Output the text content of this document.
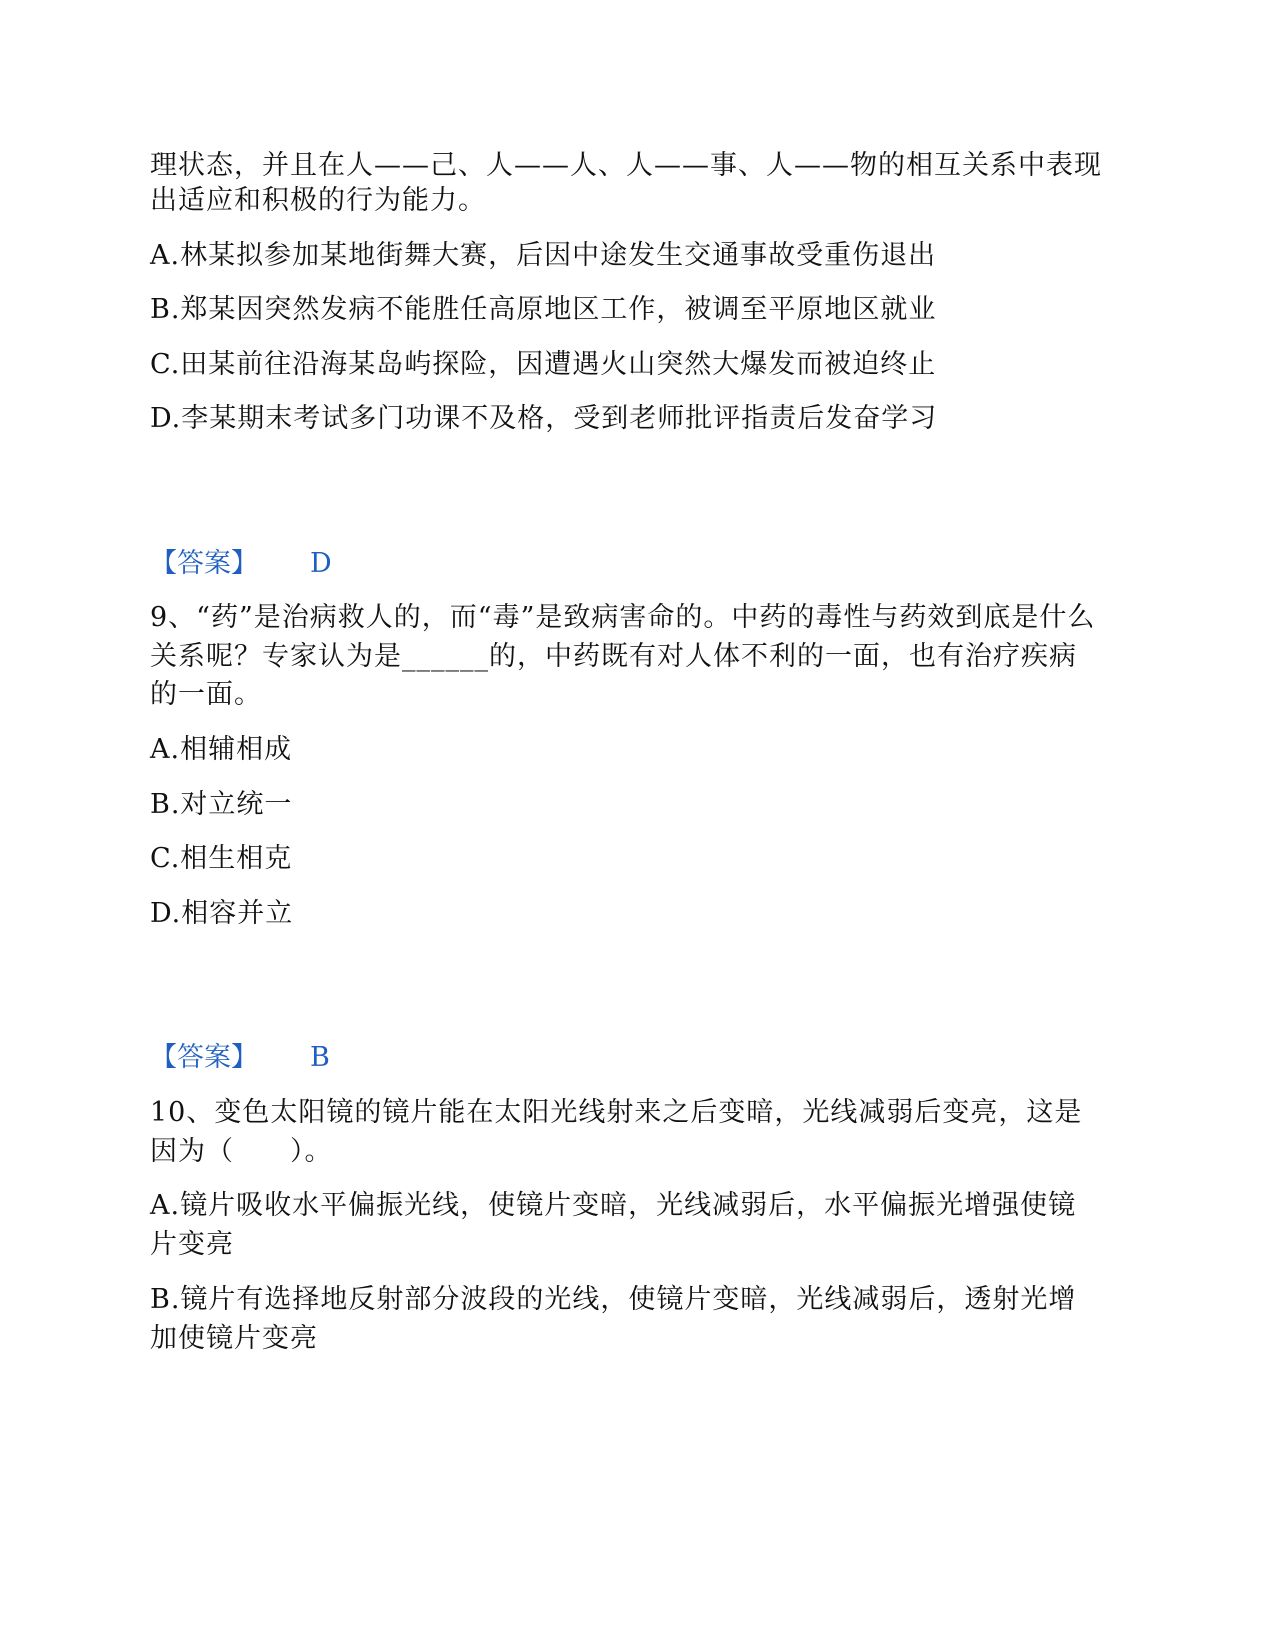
理状态，并且在人——己、人——人、人——事、人——物的相互关系中表现
出适应和积极的行为能力。
A.林某拟参加某地街舞大赛，后因中途发生交通事故受重伤退出
B.郑某因突然发病不能胜任高原地区工作，被调至平原地区就业
C.田某前往沿海某岛屿探险，因遭遇火山突然大爆发而被迫终止
D.李某期末考试多门功课不及格，受到老师批评指责后发奋学习
【答案】 D
9、“药”是治病救人的，而“毒”是致病害命的。中药的毒性与药效到底是什么
关系呢？专家认为是______的，中药既有对人体不利的一面，也有治疗疾病
的一面。
A.相辅相成
B.对立统一
C.相生相克
D.相容并立
【答案】 B
10、变色太阳镜的镜片能在太阳光线射来之后变暗，光线减弱后变亮，这是
因为（　　）。
A.镜片吸收水平偏振光线，使镜片变暗，光线减弱后，水平偏振光增强使镜
片变亮
B.镜片有选择地反射部分波段的光线，使镜片变暗，光线减弱后，透射光增
加使镜片变亮
